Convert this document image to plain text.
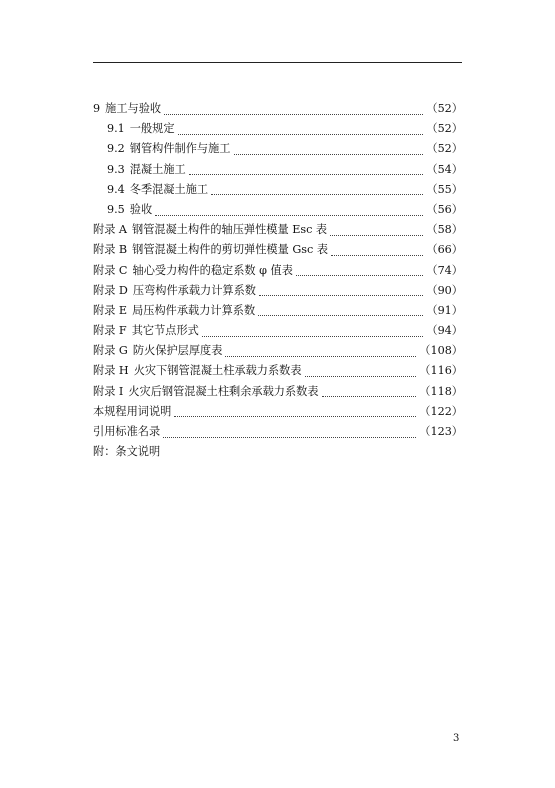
9 施工与验收	（52）
9.1 一般规定	（52）
9.2 钢管构件制作与施工	（52）
9.3 混凝土施工	（54）
9.4 冬季混凝土施工	（55）
9.5 验收	（56）
附录 A 钢管混凝土构件的轴压弹性模量 Esc 表	（58）
附录 B 钢管混凝土构件的剪切弹性模量 Gsc 表	（66）
附录 C 轴心受力构件的稳定系数 φ 值表	（74）
附录 D 压弯构件承载力计算系数	（90）
附录 E 局压构件承载力计算系数	（91）
附录 F 其它节点形式	（94）
附录 G 防火保护层厚度表	（108）
附录 H 火灾下钢管混凝土柱承载力系数表	（116）
附录 I 火灾后钢管混凝土柱剩余承载力系数表	（118）
本规程用词说明	（122）
引用标准名录	（123）
附：条文说明
3
